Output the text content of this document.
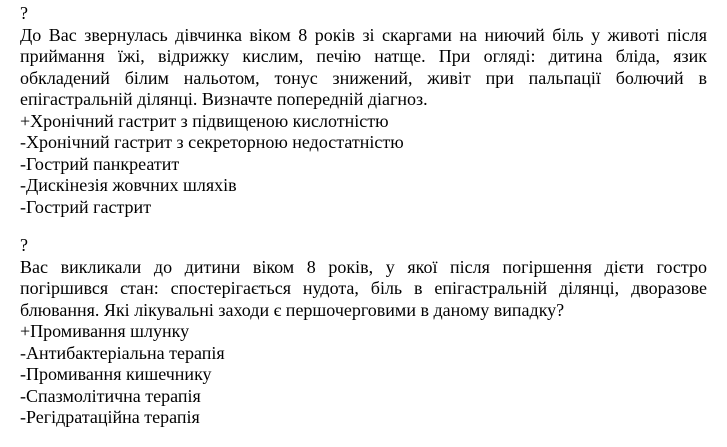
?
До Вас звернулась дівчинка віком 8 років зі скаргами на ниючий біль у животі після
приймання їжі, відрижку кислим, печію натще. При огляді: дитина бліда, язик
обкладений білим нальотом, тонус знижений, живіт при пальпації болючий в
епігастральній ділянці. Визначте попередній діагноз.
+Хронічний гастрит з підвищеною кислотністю
-Хронічний гастрит з секреторною недостатністю
-Гострий панкреатит
-Дискінезія жовчних шляхів
-Гострий гастрит
?
Вас викликали до дитини віком 8 років, у якої після погіршення дієти гостро
погіршився стан: спостерігається нудота, біль в епігастральній ділянці, дворазове
блювання. Які лікувальні заходи є першочерговими в даному випадку?
+Промивання шлунку
-Антибактеріальна терапія
-Промивання кишечнику
-Спазмолітична терапія
-Регідратаційна терапія
